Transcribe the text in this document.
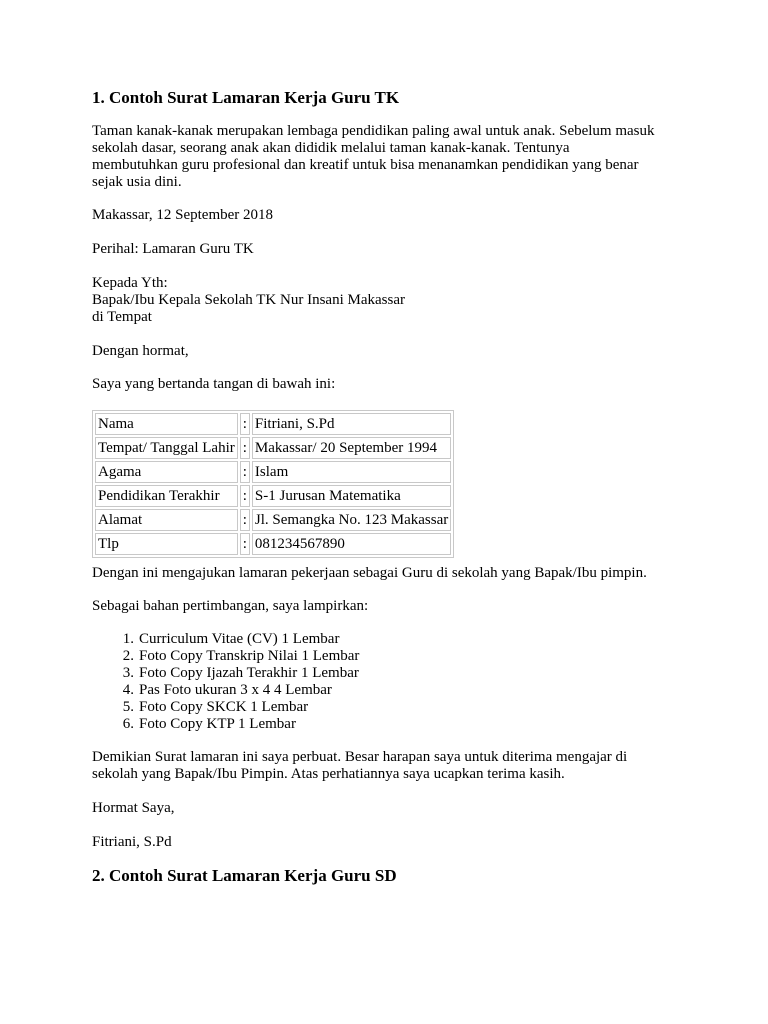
1. Contoh Surat Lamaran Kerja Guru TK

Taman kanak-kanak merupakan lembaga pendidikan paling awal untuk anak. Sebelum masuk
sekolah dasar, seorang anak akan dididik melalui taman kanak-kanak. Tentunya
membutuhkan guru profesional dan kreatif untuk bisa menanamkan pendidikan yang benar
sejak usia dini.

Makassar, 12 September 2018

Perihal: Lamaran Guru TK

Kepada Yth:
Bapak/Ibu Kepala Sekolah TK Nur Insani Makassar
di Tempat

Dengan hormat,

Saya yang bertanda tangan di bawah ini:

Nama	:	Fitriani, S.Pd
Tempat/ Tanggal Lahir	:	Makassar/ 20 September 1994
Agama	:	Islam
Pendidikan Terakhir	:	S-1 Jurusan Matematika
Alamat	:	Jl. Semangka No. 123 Makassar
Tlp	:	081234567890

Dengan ini mengajukan lamaran pekerjaan sebagai Guru di sekolah yang Bapak/Ibu pimpin.

Sebagai bahan pertimbangan, saya lampirkan:

1. Curriculum Vitae (CV) 1 Lembar
2. Foto Copy Transkrip Nilai 1 Lembar
3. Foto Copy Ijazah Terakhir 1 Lembar
4. Pas Foto ukuran 3 x 4 4 Lembar
5. Foto Copy SKCK 1 Lembar
6. Foto Copy KTP 1 Lembar

Demikian Surat lamaran ini saya perbuat. Besar harapan saya untuk diterima mengajar di
sekolah yang Bapak/Ibu Pimpin. Atas perhatiannya saya ucapkan terima kasih.

Hormat Saya,

Fitriani, S.Pd

2. Contoh Surat Lamaran Kerja Guru SD
